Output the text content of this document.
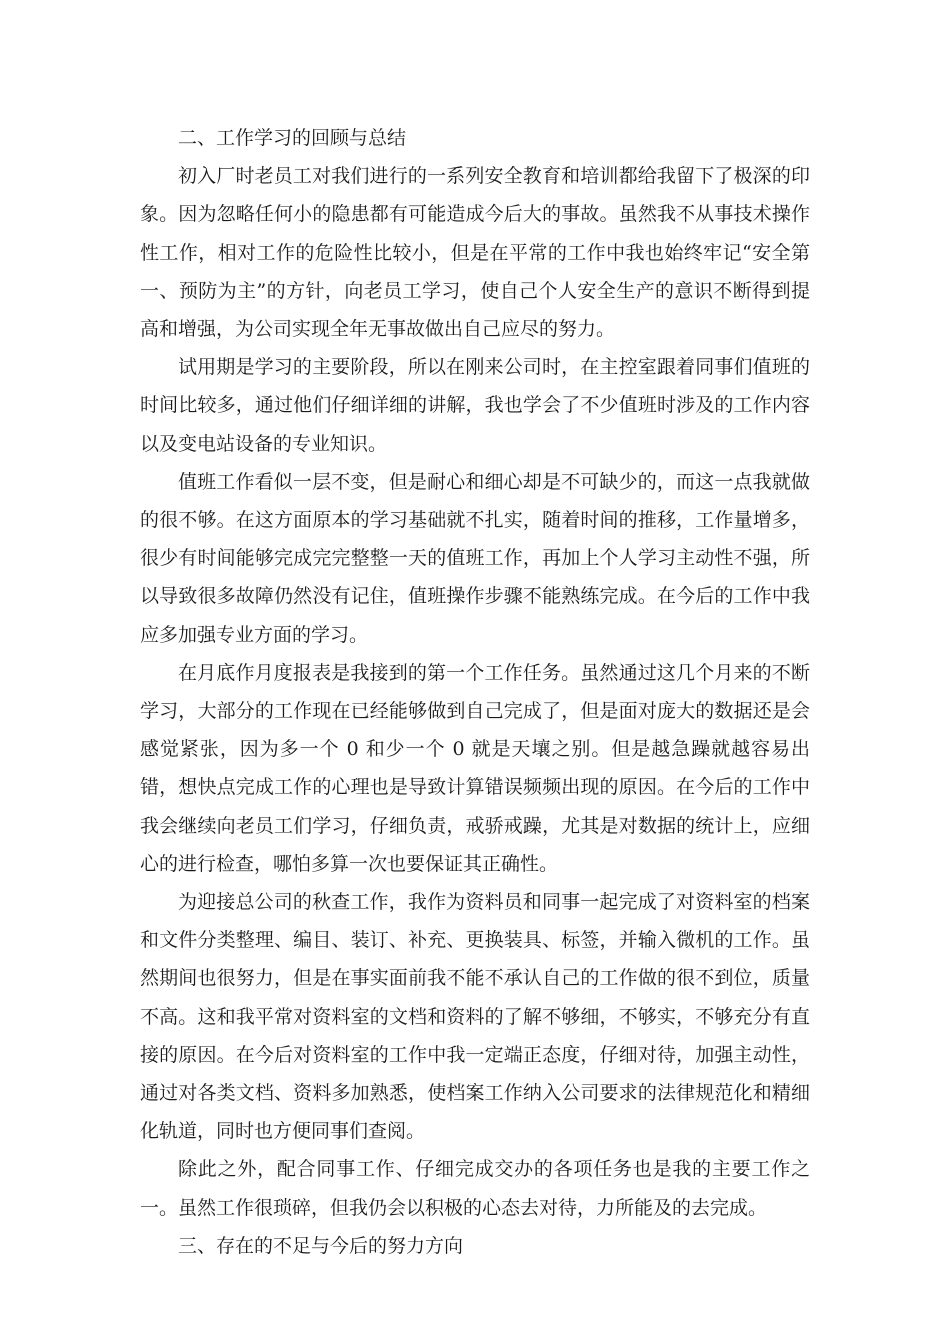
二、工作学习的回顾与总结

初入厂时老员工对我们进行的一系列安全教育和培训都给我留下了极深的印象。因为忽略任何小的隐患都有可能造成今后大的事故。虽然我不从事技术操作性工作，相对工作的危险性比较小，但是在平常的工作中我也始终牢记“安全第一、预防为主”的方针，向老员工学习，使自己个人安全生产的意识不断得到提高和增强，为公司实现全年无事故做出自己应尽的努力。

试用期是学习的主要阶段，所以在刚来公司时，在主控室跟着同事们值班的时间比较多，通过他们仔细详细的讲解，我也学会了不少值班时涉及的工作内容以及变电站设备的专业知识。

值班工作看似一层不变，但是耐心和细心却是不可缺少的，而这一点我就做的很不够。在这方面原本的学习基础就不扎实，随着时间的推移，工作量增多，很少有时间能够完成完完整整一天的值班工作，再加上个人学习主动性不强，所以导致很多故障仍然没有记住，值班操作步骤不能熟练完成。在今后的工作中我应多加强专业方面的学习。

在月底作月度报表是我接到的第一个工作任务。虽然通过这几个月来的不断学习，大部分的工作现在已经能够做到自己完成了，但是面对庞大的数据还是会感觉紧张，因为多一个 0 和少一个 0 就是天壤之别。但是越急躁就越容易出错，想快点完成工作的心理也是导致计算错误频频出现的原因。在今后的工作中我会继续向老员工们学习，仔细负责，戒骄戒躁，尤其是对数据的统计上，应细心的进行检查，哪怕多算一次也要保证其正确性。

为迎接总公司的秋查工作，我作为资料员和同事一起完成了对资料室的档案和文件分类整理、编目、装订、补充、更换装具、标签，并输入微机的工作。虽然期间也很努力，但是在事实面前我不能不承认自己的工作做的很不到位，质量不高。这和我平常对资料室的文档和资料的了解不够细，不够实，不够充分有直接的原因。在今后对资料室的工作中我一定端正态度，仔细对待，加强主动性，通过对各类文档、资料多加熟悉，使档案工作纳入公司要求的法律规范化和精细化轨道，同时也方便同事们查阅。

除此之外，配合同事工作、仔细完成交办的各项任务也是我的主要工作之一。虽然工作很琐碎，但我仍会以积极的心态去对待，力所能及的去完成。

三、存在的不足与今后的努力方向
